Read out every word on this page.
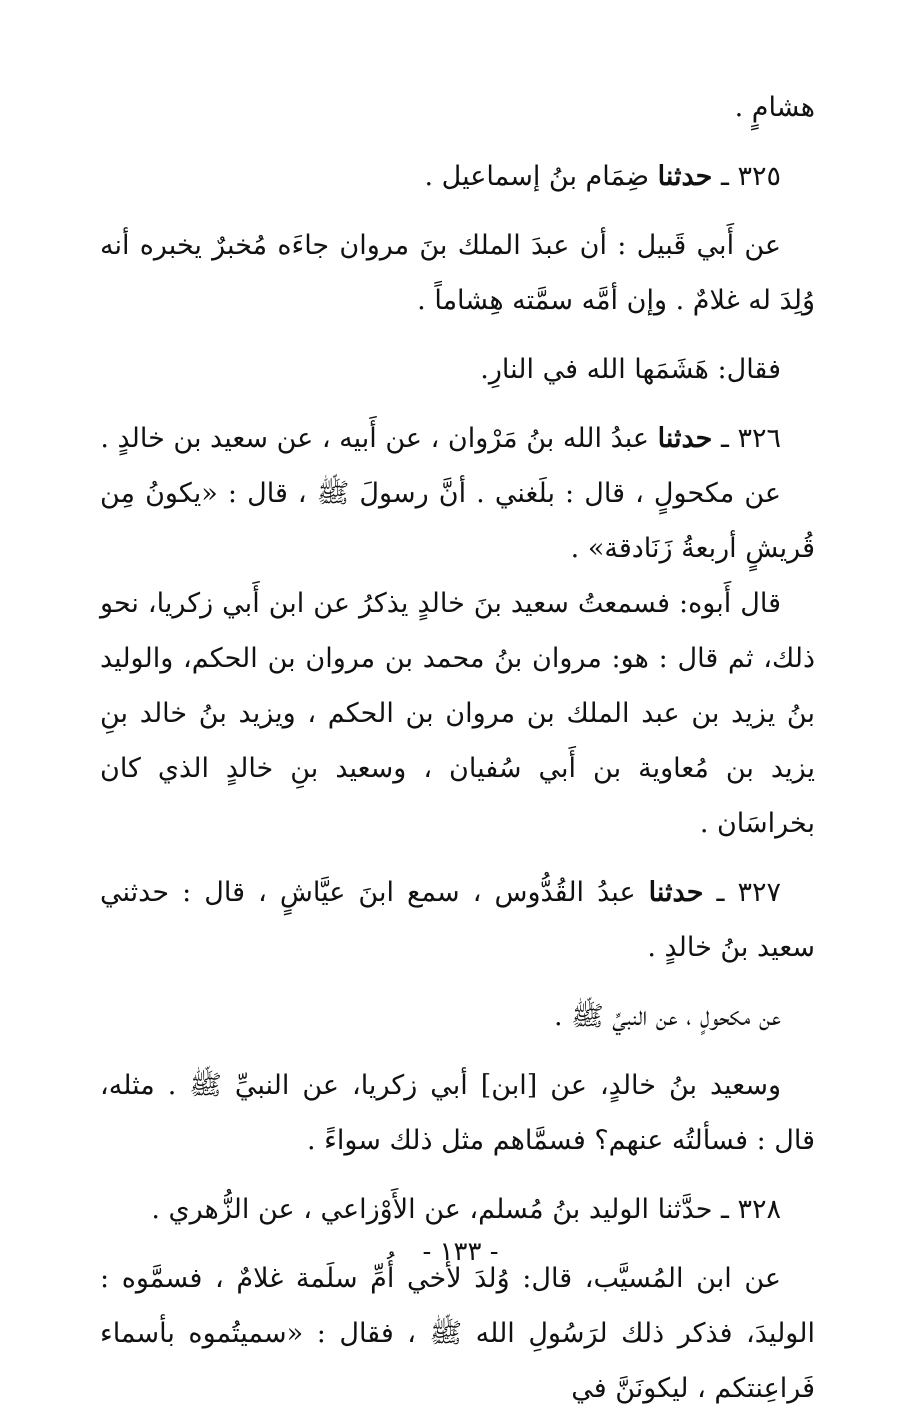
هشامٍ .

٣٢٥ ـ حدثنا ضِمَام بنُ إسماعيل .

عن أَبي قَبيل : أن عبدَ الملك بنَ مروان جاءَه مُخبرٌ يخبره أنه وُلِدَ له غلامٌ . وإن أمَّه سمَّته هِشاماً .

فقال: هَشَمَها الله في النارِ.

٣٢٦ ـ حدثنا عبدُ الله بنُ مَرْوان ، عن أَبيه ، عن سعيد بن خالدٍ .

عن مكحولٍ ، قال : بلَغني . أنَّ رسولَ ﷺ ، قال : «يكونُ مِن قُريشٍ أربعةُ زَنَادقة» .

قال أَبوه: فسمعتُ سعيد بنَ خالدٍ يذكرُ عن ابن أَبي زكريا، نحو ذلك، ثم قال : هو: مروان بنُ محمد بن مروان بن الحكم، والوليد بنُ يزيد بن عبد الملك بن مروان بن الحكم ، ويزيد بنُ خالد بنِ يزيد بن مُعاوية بن أَبي سُفيان ، وسعيد بنِ خالدٍ الذي كان بخراسَان .

٣٢٧ ـ حدثنا عبدُ القُدُّوس ، سمع ابنَ عيَّاشٍ ، قال : حدثني سعيد بنُ خالدٍ .

عن مكحولٍ ، عن النبيِّ ﷺ .

وسعيد بنُ خالدٍ، عن [ابن] أبي زكريا، عن النبيِّ ﷺ . مثله، قال : فسألتُه عنهم؟ فسمَّاهم مثل ذلك سواءً .

٣٢٨ ـ حدَّثنا الوليد بنُ مُسلم، عن الأَوْزاعي ، عن الزُّهري .

عن ابن المُسيَّب، قال: وُلدَ لأخي أُمِّ سلَمة غلامٌ ، فسمَّوه : الوليدَ، فذكر ذلك لرَسُولِ الله ﷺ ، فقال : «سميتُموه بأسماء فَراعِنتكم ، ليكونَنَّ في

- ١٣٣ -
